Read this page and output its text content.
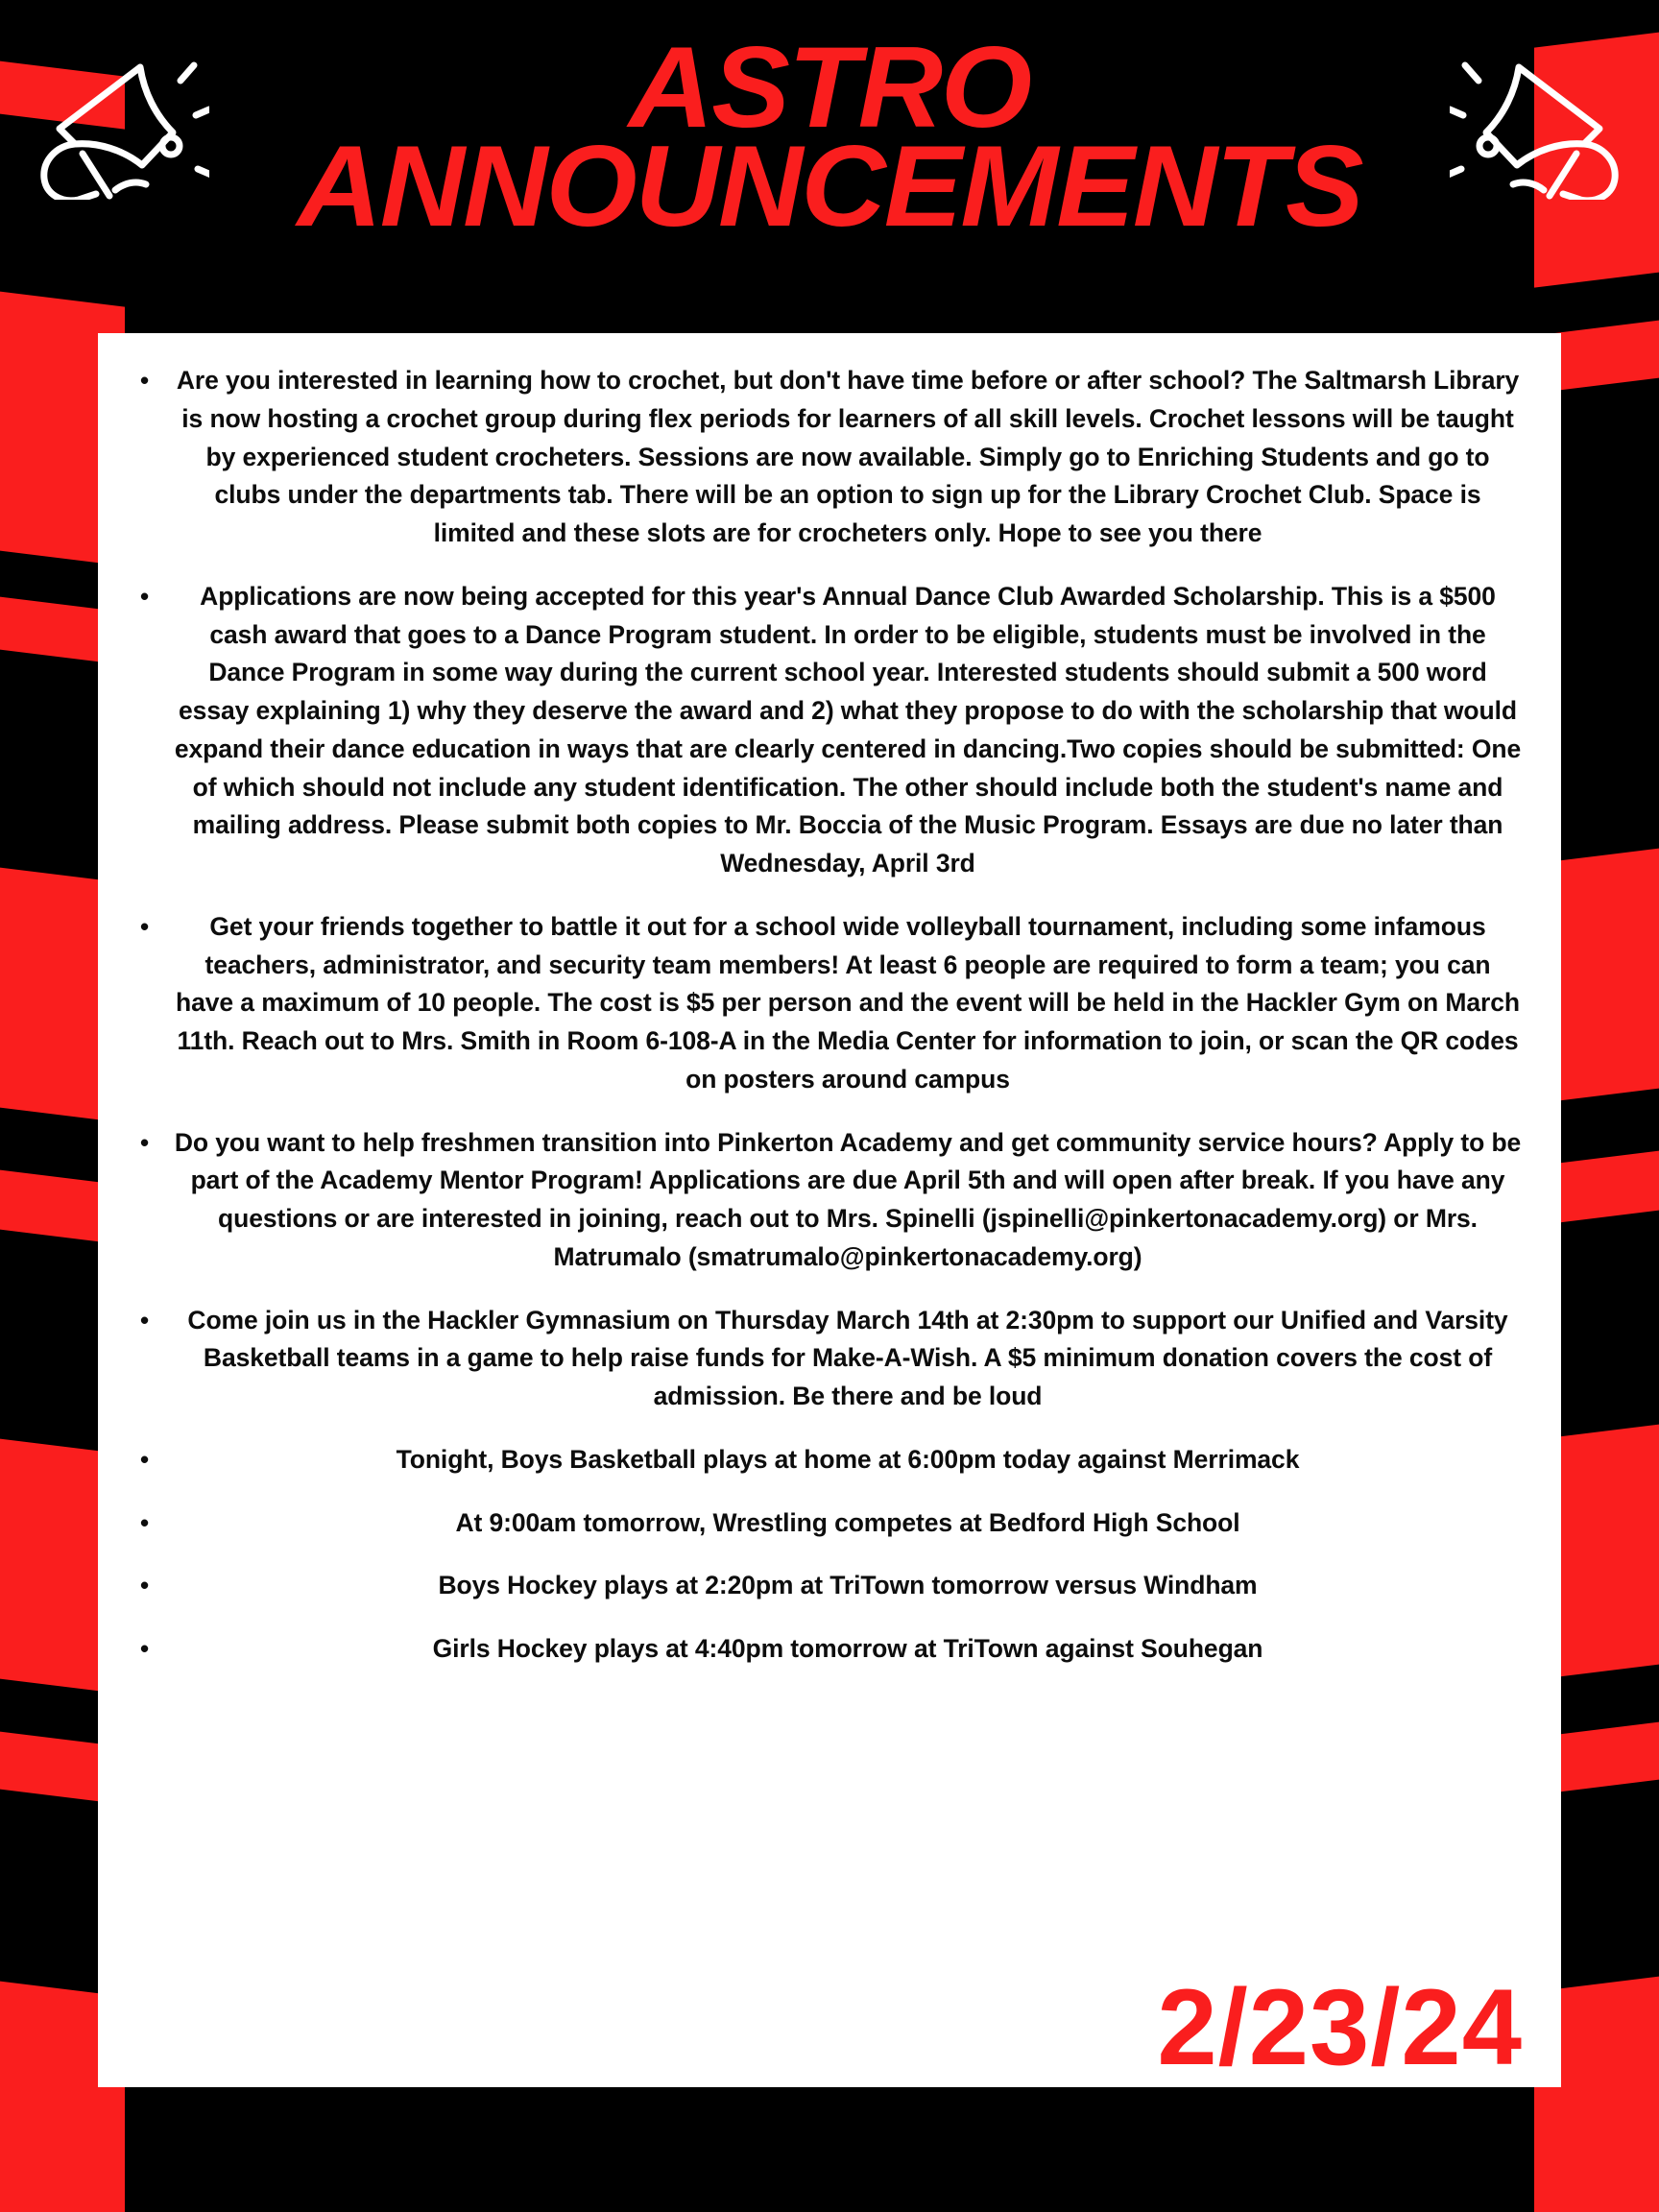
ASTRO
ANNOUNCEMENTS
• Are you interested in learning how to crochet, but don't have time before or after school? The Saltmarsh Library is now hosting a crochet group during flex periods for learners of all skill levels. Crochet lessons will be taught by experienced student crocheters. Sessions are now available. Simply go to Enriching Students and go to clubs under the departments tab. There will be an option to sign up for the Library Crochet Club. Space is limited and these slots are for crocheters only. Hope to see you there
• Applications are now being accepted for this year's Annual Dance Club Awarded Scholarship. This is a $500 cash award that goes to a Dance Program student. In order to be eligible, students must be involved in the Dance Program in some way during the current school year. Interested students should submit a 500 word essay explaining 1) why they deserve the award and 2) what they propose to do with the scholarship that would expand their dance education in ways that are clearly centered in dancing.Two copies should be submitted: One of which should not include any student identification. The other should include both the student's name and mailing address. Please submit both copies to Mr. Boccia of the Music Program. Essays are due no later than Wednesday, April 3rd
• Get your friends together to battle it out for a school wide volleyball tournament, including some infamous teachers, administrator, and security team members! At least 6 people are required to form a team; you can have a maximum of 10 people. The cost is $5 per person and the event will be held in the Hackler Gym on March 11th. Reach out to Mrs. Smith in Room 6-108-A in the Media Center for information to join, or scan the QR codes on posters around campus
• Do you want to help freshmen transition into Pinkerton Academy and get community service hours? Apply to be part of the Academy Mentor Program! Applications are due April 5th and will open after break. If you have any questions or are interested in joining, reach out to Mrs. Spinelli (jspinelli@pinkertonacademy.org) or Mrs. Matrumalo (smatrumalo@pinkertonacademy.org)
• Come join us in the Hackler Gymnasium on Thursday March 14th at 2:30pm to support our Unified and Varsity Basketball teams in a game to help raise funds for Make-A-Wish. A $5 minimum donation covers the cost of admission. Be there and be loud
• Tonight, Boys Basketball plays at home at 6:00pm today against Merrimack
• At 9:00am tomorrow, Wrestling competes at Bedford High School
• Boys Hockey plays at 2:20pm at TriTown tomorrow versus Windham
• Girls Hockey plays at 4:40pm tomorrow at TriTown against Souhegan
2/23/24
